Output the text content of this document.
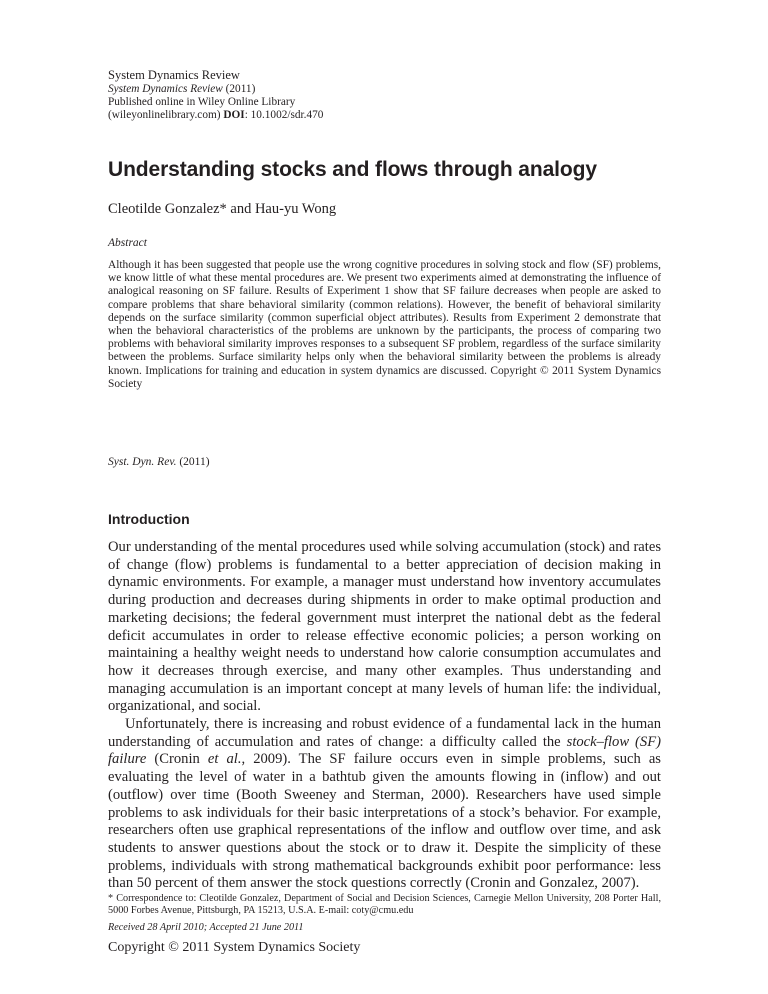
System Dynamics Review
System Dynamics Review (2011)
Published online in Wiley Online Library
(wileyonlinelibrary.com) DOI: 10.1002/sdr.470
Understanding stocks and flows through analogy
Cleotilde Gonzalez* and Hau-yu Wong
Abstract

Although it has been suggested that people use the wrong cognitive procedures in solving stock and flow (SF) problems, we know little of what these mental procedures are. We present two experiments aimed at demonstrating the influence of analogical reasoning on SF failure. Results of Experiment 1 show that SF failure decreases when people are asked to compare problems that share behavioral similarity (common relations). However, the benefit of behavioral similarity depends on the surface similarity (common superficial object attributes). Results from Experiment 2 demonstrate that when the behavioral characteristics of the problems are unknown by the participants, the process of comparing two problems with behavioral similarity improves responses to a subsequent SF problem, regardless of the surface similarity between the problems. Surface similarity helps only when the behavioral similarity between the problems is already known. Implications for training and education in system dynamics are discussed. Copyright © 2011 System Dynamics Society

Syst. Dyn. Rev. (2011)
Introduction

Our understanding of the mental procedures used while solving accumulation (stock) and rates of change (flow) problems is fundamental to a better appreciation of decision making in dynamic environments. For example, a manager must understand how inventory accumulates during production and decreases during shipments in order to make optimal production and marketing decisions; the federal government must interpret the national debt as the federal deficit accumulates in order to release effective economic policies; a person working on maintaining a healthy weight needs to understand how calorie consumption accumulates and how it decreases through exercise, and many other examples. Thus understanding and managing accumulation is an important concept at many levels of human life: the individual, organizational, and social.

Unfortunately, there is increasing and robust evidence of a fundamental lack in the human understanding of accumulation and rates of change: a difficulty called the stock–flow (SF) failure (Cronin et al., 2009). The SF failure occurs even in simple problems, such as evaluating the level of water in a bathtub given the amounts flowing in (inflow) and out (outflow) over time (Booth Sweeney and Sterman, 2000). Researchers have used simple problems to ask individuals for their basic interpretations of a stock’s behavior. For example, researchers often use graphical representations of the inflow and outflow over time, and ask students to answer questions about the stock or to draw it. Despite the simplicity of these problems, individuals with strong mathematical backgrounds exhibit poor performance: less than 50 percent of them answer the stock questions correctly (Cronin and Gonzalez, 2007).

* Correspondence to: Cleotilde Gonzalez, Department of Social and Decision Sciences, Carnegie Mellon University, 208 Porter Hall, 5000 Forbes Avenue, Pittsburgh, PA 15213, U.S.A. E-mail: coty@cmu.edu

Received 28 April 2010; Accepted 21 June 2011
Copyright © 2011 System Dynamics Society
